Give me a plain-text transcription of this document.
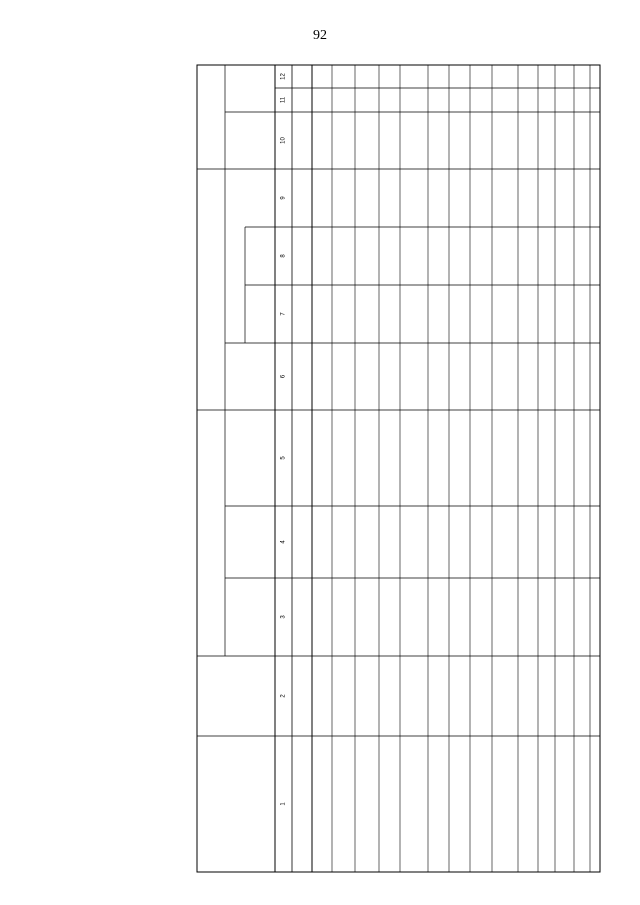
92
1
2
3
4
5
6
7
8
9
10
11
12
